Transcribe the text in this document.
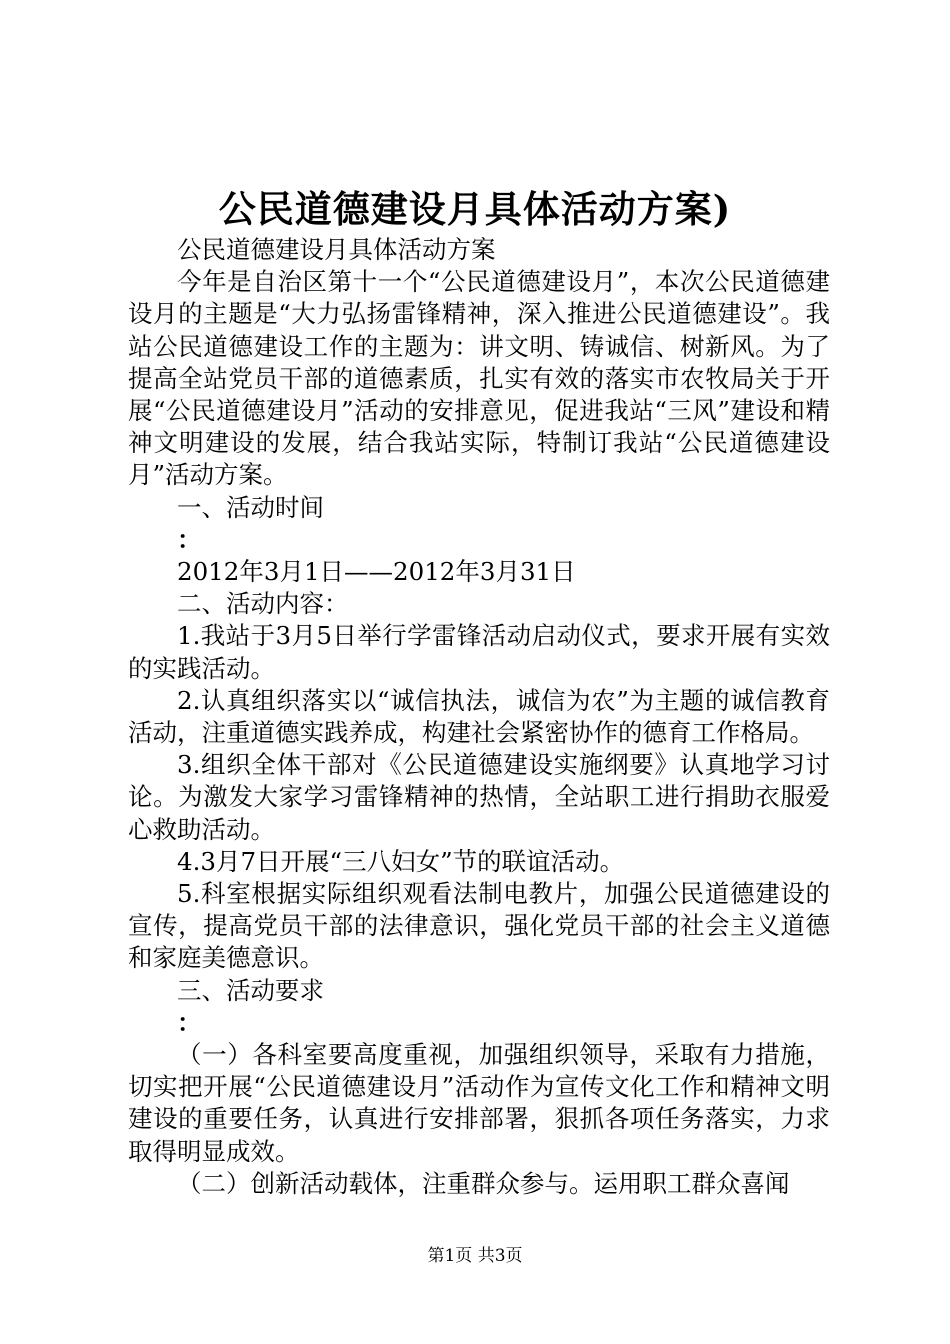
公民道德建设月具体活动方案)

公民道德建设月具体活动方案

今年是自治区第十一个“公民道德建设月”，本次公民道德建设月的主题是“大力弘扬雷锋精神，深入推进公民道德建设”。我站公民道德建设工作的主题为：讲文明、铸诚信、树新风。为了提高全站党员干部的道德素质，扎实有效的落实市农牧局关于开展“公民道德建设月”活动的安排意见，促进我站“三风”建设和精神文明建设的发展，结合我站实际，特制订我站“公民道德建设月”活动方案。

一、活动时间

：

2012年3月1日——2012年3月31日

二、活动内容：

1.我站于3月5日举行学雷锋活动启动仪式，要求开展有实效的实践活动。

2.认真组织落实以“诚信执法，诚信为农”为主题的诚信教育活动，注重道德实践养成，构建社会紧密协作的德育工作格局。

3.组织全体干部对《公民道德建设实施纲要》认真地学习讨论。为激发大家学习雷锋精神的热情，全站职工进行捐助衣服爱心救助活动。

4.3月7日开展“三八妇女”节的联谊活动。

5.科室根据实际组织观看法制电教片，加强公民道德建设的宣传，提高党员干部的法律意识，强化党员干部的社会主义道德和家庭美德意识。

三、活动要求

：

（一）各科室要高度重视，加强组织领导，采取有力措施，切实把开展“公民道德建设月”活动作为宣传文化工作和精神文明建设的重要任务，认真进行安排部署，狠抓各项任务落实，力求取得明显成效。

（二）创新活动载体，注重群众参与。运用职工群众喜闻

第1页 共3页
